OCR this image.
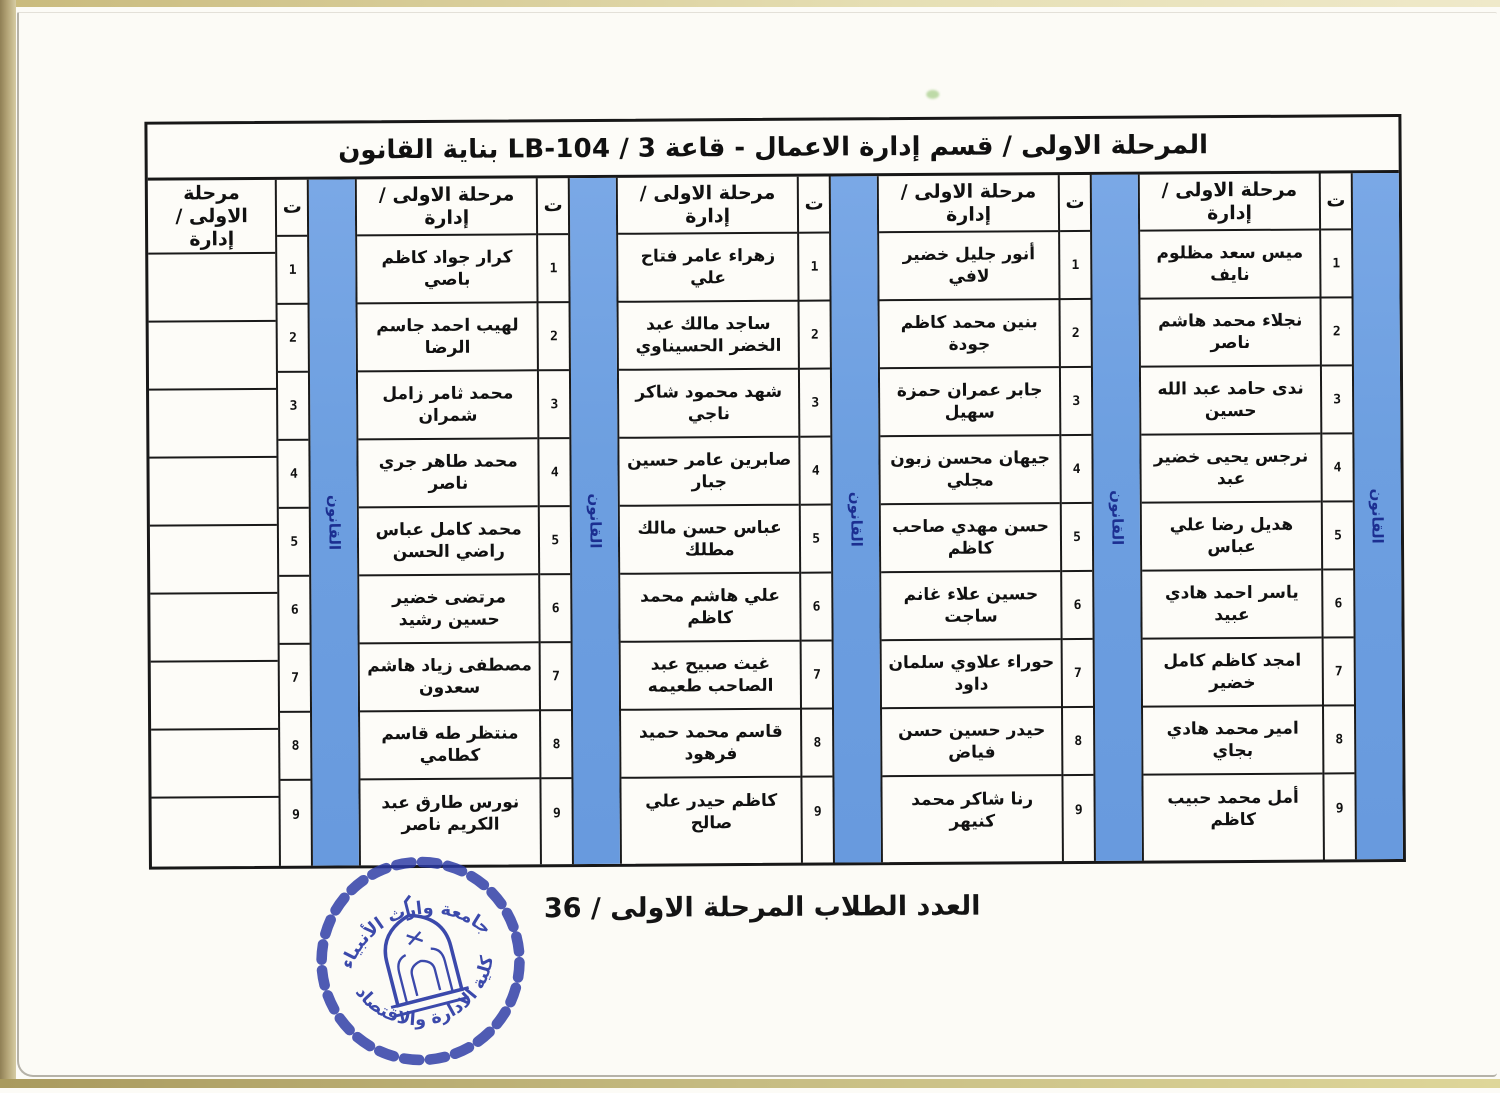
المرحلة الاولى / قسم إدارة الاعمال - قاعة 3 / LB-104 بناية القانون
القانون
ت
1
2
3
4
5
6
7
8
9
مرحلة الاولى / إدارة
ميس سعد مظلوم نايف
نجلاء محمد هاشم ناصر
ندى حامد عبد الله حسين
نرجس يحيى خضير عبد
هديل رضا علي عباس
ياسر احمد هادي عبيد
امجد كاظم كامل خضير
امير محمد هادي بجاي
أمل محمد حبيب كاظم
القانون
ت
1
2
3
4
5
6
7
8
9
مرحلة الاولى / إدارة
أنور جليل خضير لافي
بنين محمد كاظم جودة
جابر عمران حمزة سهيل
جيهان محسن زبون مجلي
حسن مهدي صاحب كاظم
حسين علاء غانم ساجت
حوراء علاوي سلمان داود
حيدر حسين حسن فياض
رنا شاكر محمد كنيهر
القانون
ت
1
2
3
4
5
6
7
8
9
مرحلة الاولى / إدارة
زهراء عامر فتاح علي
ساجد مالك عبد الخضر الحسيناوي
شهد محمود شاكر ناجي
صابرين عامر حسين جبار
عباس حسن مالك مطلك
علي هاشم محمد كاظم
غيث صبيح عبد الصاحب طعيمه
قاسم محمد حميد فرهود
كاظم حيدر علي صالح
القانون
ت
1
2
3
4
5
6
7
8
9
مرحلة الاولى / إدارة
كرار جواد كاظم باصي
لهيب احمد جاسم الرضا
محمد ثامر زامل شمران
محمد طاهر جري ناصر
محمد كامل عباس راضي الحسن
مرتضى خضير حسين رشيد
مصطفى زياد هاشم سعدون
منتظر طه قاسم كطامي
نورس طارق عبد الكريم ناصر
القانون
ت
1
2
3
4
5
6
7
8
9
مرحلة الاولى / إدارة
العدد الطلاب المرحلة الاولى / 36
جامعة وارث الأنبياء
كلية الادارة والاقتصاد
